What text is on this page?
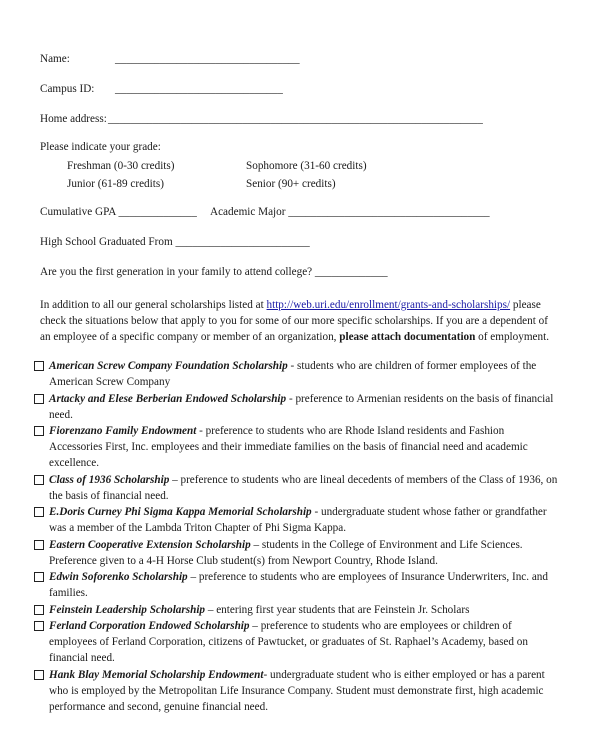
Name:	_________________________________
Campus ID: ______________________________
Home address: ___________________________________________________________________
Please indicate your grade:
Freshman (0-30 credits)	Sophomore (31-60 credits)
Junior (61-89 credits)	Senior (90+ credits)
Cumulative GPA ______________ Academic Major ____________________________________
High School Graduated From ________________________
Are you the first generation in your family to attend college? _____________
In addition to all our general scholarships listed at http://web.uri.edu/enrollment/grants-and-scholarships/ please check the situations below that apply to you for some of our more specific scholarships. If you are a dependent of an employee of a specific company or member of an organization, please attach documentation of employment.
American Screw Company Foundation Scholarship - students who are children of former employees of the American Screw Company
Artacky and Elese Berberian Endowed Scholarship - preference to Armenian residents on the basis of financial need.
Fiorenzano Family Endowment - preference to students who are Rhode Island residents and Fashion Accessories First, Inc. employees and their immediate families on the basis of financial need and academic excellence.
Class of 1936 Scholarship – preference to students who are lineal decedents of members of the Class of 1936, on the basis of financial need.
E.Doris Curney Phi Sigma Kappa Memorial Scholarship - undergraduate student whose father or grandfather was a member of the Lambda Triton Chapter of Phi Sigma Kappa.
Eastern Cooperative Extension Scholarship – students in the College of Environment and Life Sciences. Preference given to a 4-H Horse Club student(s) from Newport Country, Rhode Island.
Edwin Soforenko Scholarship – preference to students who are employees of Insurance Underwriters, Inc. and families.
Feinstein Leadership Scholarship – entering first year students that are Feinstein Jr. Scholars
Ferland Corporation Endowed Scholarship – preference to students who are employees or children of employees of Ferland Corporation, citizens of Pawtucket, or graduates of St. Raphael’s Academy, based on financial need.
Hank Blay Memorial Scholarship Endowment- undergraduate student who is either employed or has a parent who is employed by the Metropolitan Life Insurance Company. Student must demonstrate first, high academic performance and second, genuine financial need.
